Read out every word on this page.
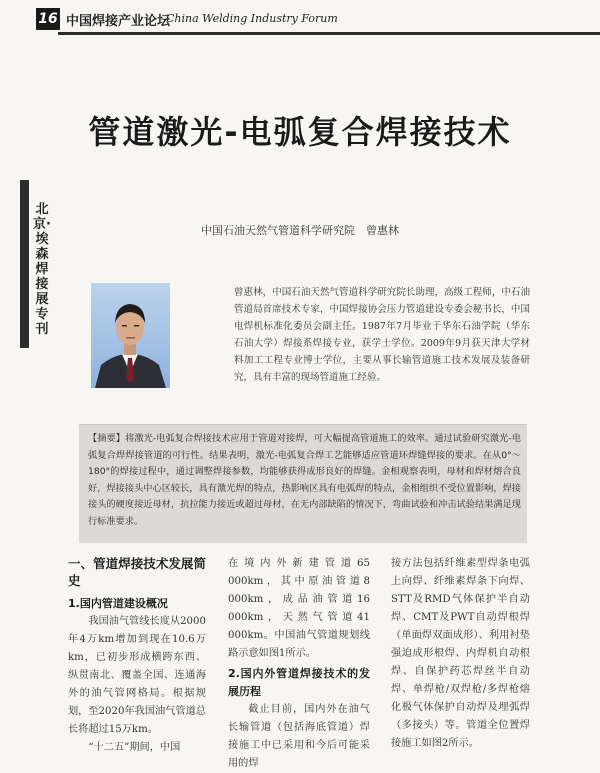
16 中国焊接产业论坛
China Welding Industry Forum
北京·埃森焊接展专刊
管道激光-电弧复合焊接技术
中国石油天然气管道科学研究院　曾惠林
曾惠林，中国石油天然气管道科学研究院长助理，高级工程师，中石油管道局首席技术专家，中国焊接协会压力管道建设专委会秘书长，中国电焊机标准化委员会副主任。1987年7月毕业于华东石油学院（华东石油大学）焊接系焊接专业，获学士学位。2009年9月获天津大学材料加工工程专业博士学位，主要从事长输管道施工技术发展及装备研究，具有丰富的现场管道施工经验。
【摘要】将激光-电弧复合焊接技术应用于管道对接焊，可大幅提高管道施工的效率。通过试验研究激光-电弧复合焊焊接管道的可行性。结果表明，激光-电弧复合焊工艺能够适应管道环焊缝焊接的要求。在从0°～180°的焊接过程中，通过调整焊接参数，均能够获得成形良好的焊缝。金相观察表明，母材和焊材熔合良好，焊接接头中心区较长，具有激光焊的特点，热影响区具有电弧焊的特点，金相组织不受位置影响，焊接接头的硬度接近母材，抗拉能力接近或超过母材，在无内部缺陷的情况下，弯曲试验和冲击试验结果满足现行标准要求。

一、管道焊接技术发展简史

1.国内管道建设概况

我国油气管线长度从2000年4万km增加到现在10.6万km，已初步形成横跨东西、纵贯南北、覆盖全国、连通海外的油气管网格局。根据规划，至2020年我国油气管道总长将超过15万km。

“十二五”期间，中国

在境内外新建管道65 000km，其中原油管道8 000km，成品油管道16 000km，天然气管道41 000km。中国油气管道规划线路示意如图1所示。

2.国内外管道焊接技术的发展历程

截止目前，国内外在油气长输管道（包括海底管道）焊接施工中已采用和今后可能采用的焊

接方法包括纤维素型焊条电弧上向焊、纤维素焊条下向焊、STT及RMD气体保护半自动焊、CMT及PWT自动焊根焊（单面焊双面成形）、利用衬垫强迫成形根焊、内焊机自动根焊、自保护药芯焊丝半自动焊、单焊枪/双焊枪/多焊枪熔化极气体保护自动焊及埋弧焊（多接头）等。管道全位置焊接施工如图2所示。
